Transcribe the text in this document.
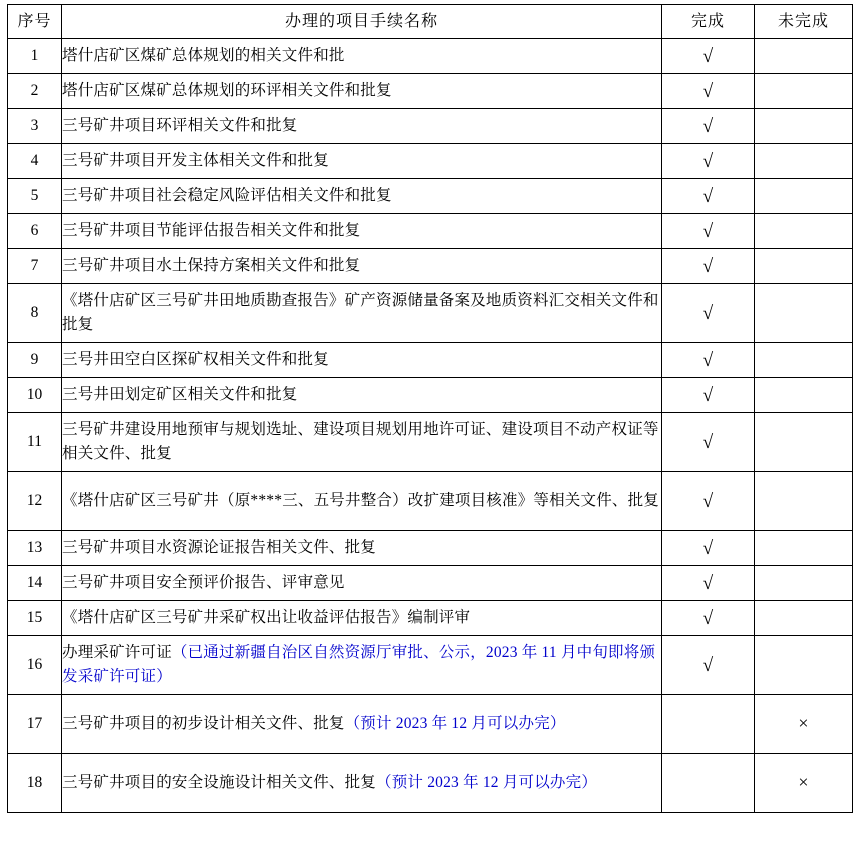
序号	办理的项目手续名称	完成	未完成
1	塔什店矿区煤矿总体规划的相关文件和批	√	
2	塔什店矿区煤矿总体规划的环评相关文件和批复	√	
3	三号矿井项目环评相关文件和批复	√	
4	三号矿井项目开发主体相关文件和批复	√	
5	三号矿井项目社会稳定风险评估相关文件和批复	√	
6	三号矿井项目节能评估报告相关文件和批复	√	
7	三号矿井项目水土保持方案相关文件和批复	√	
8	《塔什店矿区三号矿井田地质勘查报告》矿产资源储量备案及地质资料汇交相关文件和批复	√	
9	三号井田空白区探矿权相关文件和批复	√	
10	三号井田划定矿区相关文件和批复	√	
11	三号矿井建设用地预审与规划选址、建设项目规划用地许可证、建设项目不动产权证等相关文件、批复	√	
12	《塔什店矿区三号矿井（原****三、五号井整合）改扩建项目核准》等相关文件、批复	√	
13	三号矿井项目水资源论证报告相关文件、批复	√	
14	三号矿井项目安全预评价报告、评审意见	√	
15	《塔什店矿区三号矿井采矿权出让收益评估报告》编制评审	√	
16	办理采矿许可证（已通过新疆自治区自然资源厅审批、公示，2023 年 11 月中旬即将颁发采矿许可证）	√	
17	三号矿井项目的初步设计相关文件、批复（预计 2023 年 12 月可以办完）		×
18	三号矿井项目的安全设施设计相关文件、批复（预计 2023 年 12 月可以办完）		×
